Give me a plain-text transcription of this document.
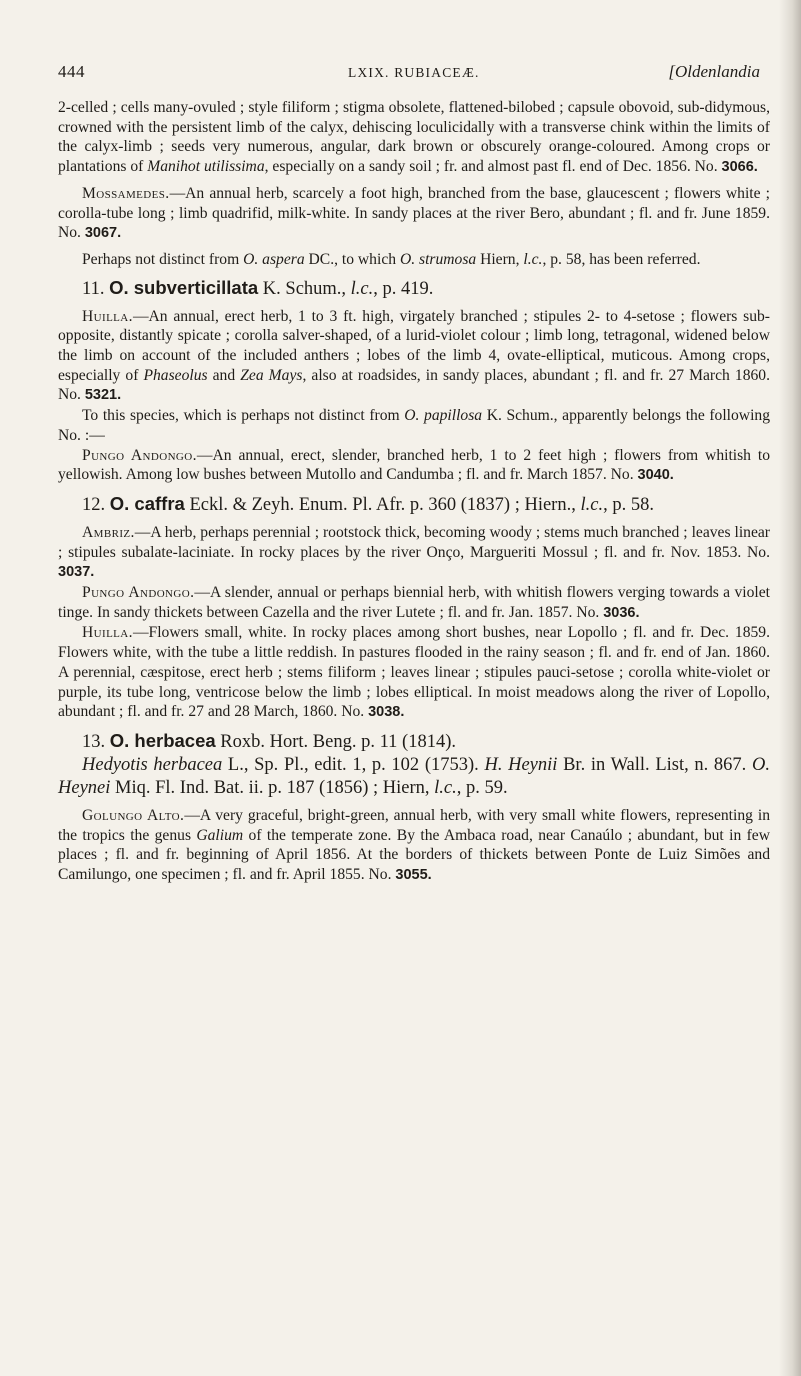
444	LXIX. RUBIACEÆ.	[Oldenlandia

2-celled ; cells many-ovuled ; style filiform ; stigma obsolete, flattened-bilobed ; capsule obovoid, sub-didymous, crowned with the persistent limb of the calyx, dehiscing loculicidally with a transverse chink within the limits of the calyx-limb ; seeds very numerous, angular, dark brown or obscurely orange-coloured. Among crops or plantations of Manihot utilissima, especially on a sandy soil ; fr. and almost past fl. end of Dec. 1856. No. 3066.

Mossamedes.—An annual herb, scarcely a foot high, branched from the base, glaucescent ; flowers white ; corolla-tube long ; limb quadrifid, milk-white. In sandy places at the river Bero, abundant ; fl. and fr. June 1859. No. 3067.

Perhaps not distinct from O. aspera DC., to which O. strumosa Hiern, l.c., p. 58, has been referred.

11. O. subverticillata K. Schum., l.c., p. 419.

Huilla.—An annual, erect herb, 1 to 3 ft. high, virgately branched ; stipules 2- to 4-setose ; flowers sub-opposite, distantly spicate ; corolla salver-shaped, of a lurid-violet colour ; limb long, tetragonal, widened below the limb on account of the included anthers ; lobes of the limb 4, ovate-elliptical, muticous. Among crops, especially of Phaseolus and Zea Mays, also at roadsides, in sandy places, abundant ; fl. and fr. 27 March 1860. No. 5321.

To this species, which is perhaps not distinct from O. papillosa K. Schum., apparently belongs the following No. :—

Pungo Andongo.—An annual, erect, slender, branched herb, 1 to 2 feet high ; flowers from whitish to yellowish. Among low bushes between Mutollo and Candumba ; fl. and fr. March 1857. No. 3040.

12. O. caffra Eckl. & Zeyh. Enum. Pl. Afr. p. 360 (1837) ; Hiern., l.c., p. 58.

Ambriz.—A herb, perhaps perennial ; rootstock thick, becoming woody ; stems much branched ; leaves linear ; stipules subalate-laciniate. In rocky places by the river Onço, Margueriti Mossul ; fl. and fr. Nov. 1853. No. 3037.

Pungo Andongo.—A slender, annual or perhaps biennial herb, with whitish flowers verging towards a violet tinge. In sandy thickets between Cazella and the river Lutete ; fl. and fr. Jan. 1857. No. 3036.

Huilla.—Flowers small, white. In rocky places among short bushes, near Lopollo ; fl. and fr. Dec. 1859. Flowers white, with the tube a little reddish. In pastures flooded in the rainy season ; fl. and fr. end of Jan. 1860. A perennial, cæspitose, erect herb ; stems filiform ; leaves linear ; stipules pauci-setose ; corolla white-violet or purple, its tube long, ventricose below the limb ; lobes elliptical. In moist meadows along the river of Lopollo, abundant ; fl. and fr. 27 and 28 March, 1860. No. 3038.

13. O. herbacea Roxb. Hort. Beng. p. 11 (1814).

Hedyotis herbacea L., Sp. Pl., edit. 1, p. 102 (1753). H. Heynii Br. in Wall. List, n. 867. O. Heynei Miq. Fl. Ind. Bat. ii. p. 187 (1856) ; Hiern, l.c., p. 59.

Golungo Alto.—A very graceful, bright-green, annual herb, with very small white flowers, representing in the tropics the genus Galium of the temperate zone. By the Ambaca road, near Canaúlo ; abundant, but in few places ; fl. and fr. beginning of April 1856. At the borders of thickets between Ponte de Luiz Simões and Camilungo, one specimen ; fl. and fr. April 1855. No. 3055.
